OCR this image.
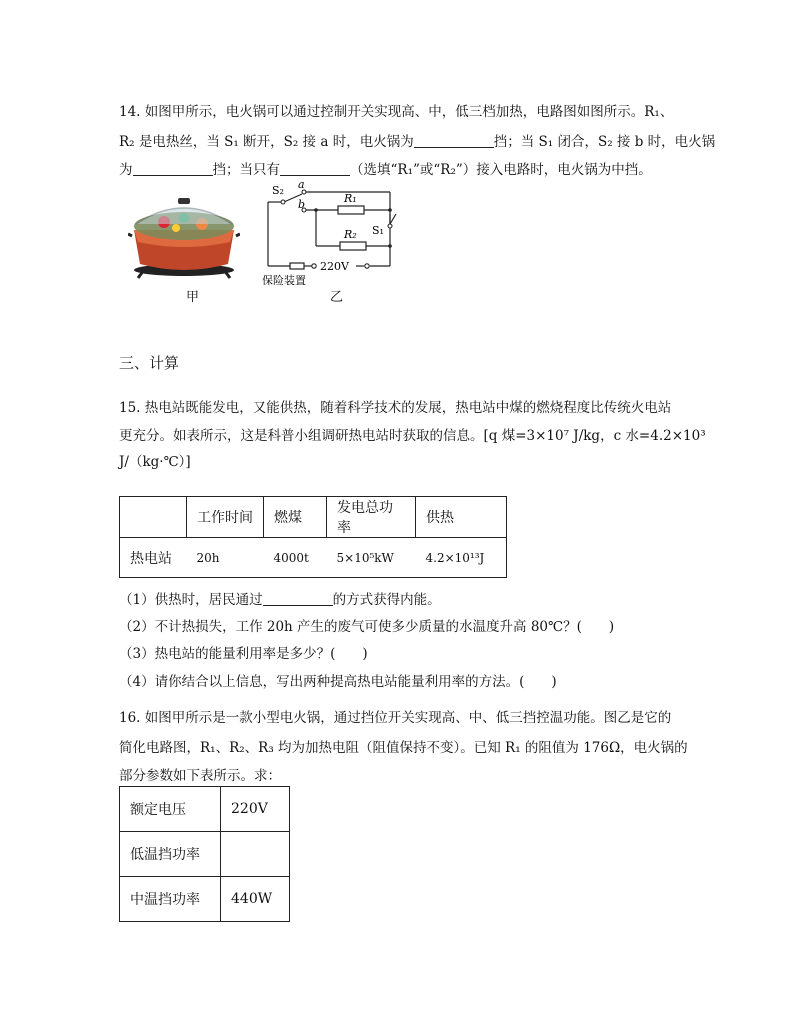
14. 如图甲所示，电火锅可以通过控制开关实现高、中，低三档加热，电路图如图所示。R₁、
R₂ 是电热丝，当 S₁ 断开，S₂ 接 a 时，电火锅为	挡；当 S₁ 闭合，S₂ 接 b 时，电火锅
为	挡；当只有	（选填“R₁”或“R₂”）接入电路时，电火锅为中挡。
甲
S₂ a
b	R₁
S₁
R₂
220V
保险装置
乙
三、计算
15. 热电站既能发电，又能供热，随着科学技术的发展，热电站中煤的燃烧程度比传统火电站
更充分。如表所示，这是科普小组调研热电站时获取的信息。[q 煤=3×10⁷ J/kg，c 水=4.2×10³
J/（kg·℃）]
	工作时间	燃煤	发电总功率	供热
热电站	20h	4000t	5×10⁵kW	4.2×10¹³J
（1）供热时，居民通过	的方式获得内能。
（2）不计热损失，工作 20h 产生的废气可使多少质量的水温度升高 80℃？(　　)
（3）热电站的能量利用率是多少？(　　)
（4）请你结合以上信息，写出两种提高热电站能量利用率的方法。(　　)
16. 如图甲所示是一款小型电火锅，通过挡位开关实现高、中、低三挡控温功能。图乙是它的
简化电路图，R₁、R₂、R₃ 均为加热电阻（阻值保持不变）。已知 R₁ 的阻值为 176Ω，电火锅的
部分参数如下表所示。求：
额定电压	220V
低温挡功率	
中温挡功率	440W
